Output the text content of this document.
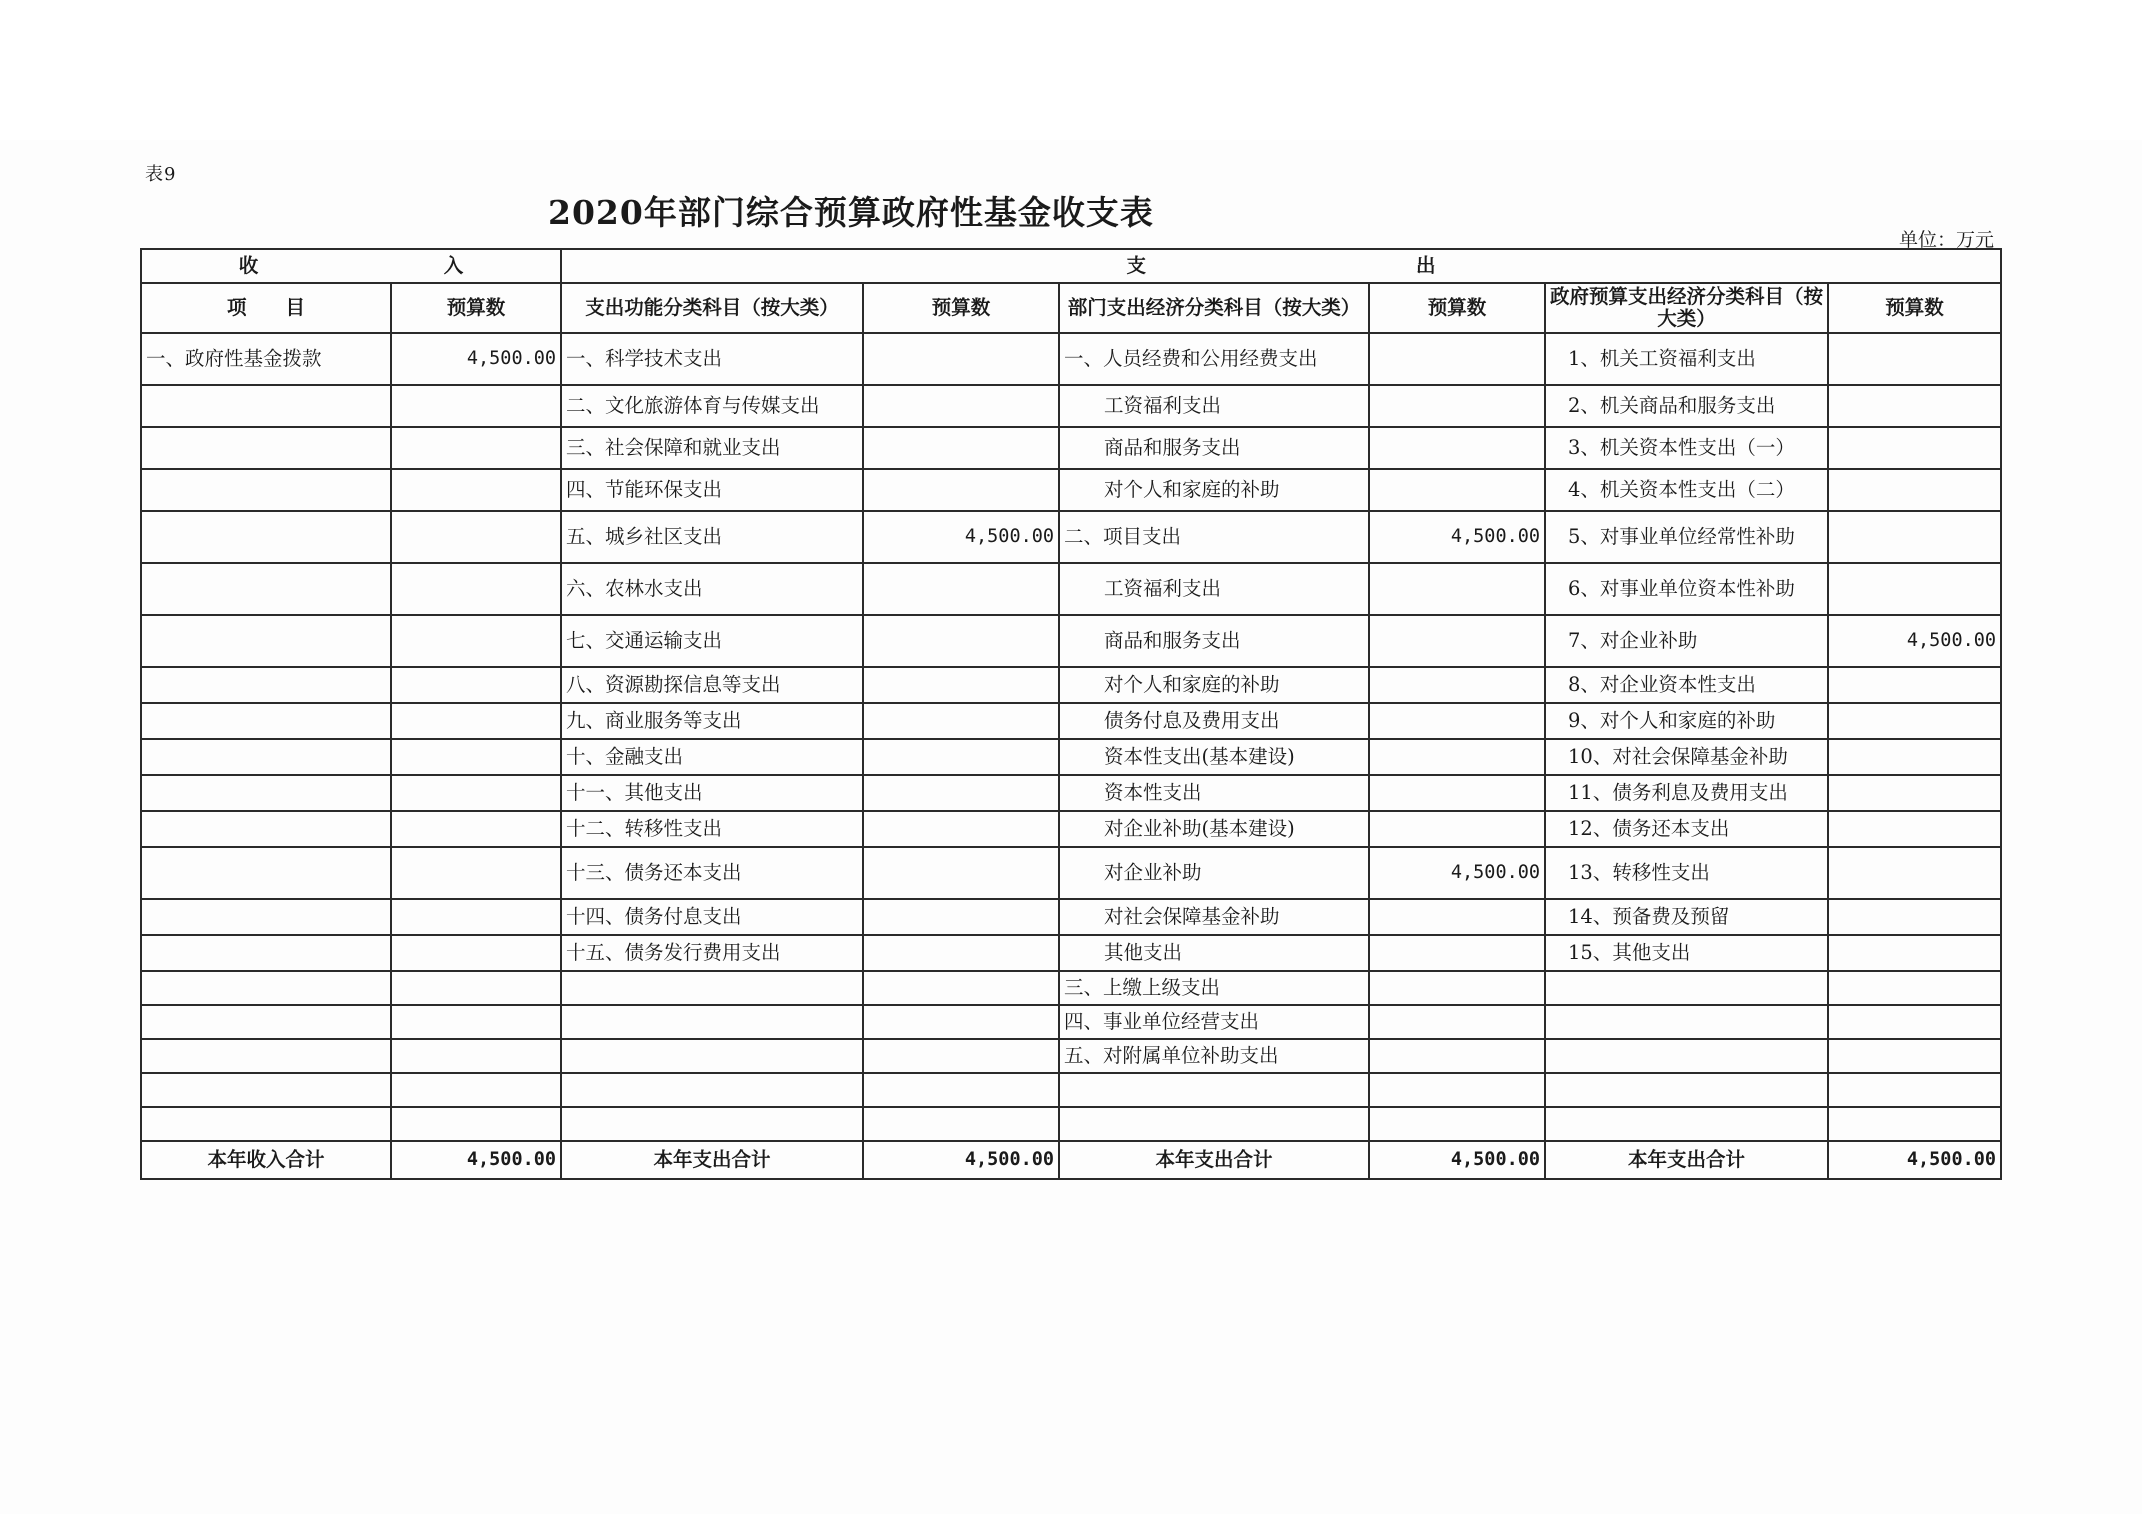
表9
2020年部门综合预算政府性基金收支表
单位：万元
收 入		支 出					

项　　目	预算数	支出功能分类科目（按大类）	预算数	部门支出经济分类科目（按大类）	预算数	政府预算支出经济分类科目（按大类）	预算数
一、政府性基金拨款	4,500.00	一、科学技术支出		一、人员经费和公用经费支出		1、机关工资福利支出	
		二、文化旅游体育与传媒支出		工资福利支出		2、机关商品和服务支出	
		三、社会保障和就业支出		商品和服务支出		3、机关资本性支出（一）	
		四、节能环保支出		对个人和家庭的补助		4、机关资本性支出（二）	
		五、城乡社区支出	4,500.00	二、项目支出	4,500.00	5、对事业单位经常性补助	
		六、农林水支出		工资福利支出		6、对事业单位资本性补助	
		七、交通运输支出		商品和服务支出		7、对企业补助	4,500.00
		八、资源勘探信息等支出		对个人和家庭的补助		8、对企业资本性支出	
		九、商业服务等支出		债务付息及费用支出		9、对个人和家庭的补助	
		十、金融支出		资本性支出(基本建设)		10、对社会保障基金补助	
		十一、其他支出		资本性支出		11、债务利息及费用支出	
		十二、转移性支出		对企业补助(基本建设)		12、债务还本支出	
		十三、债务还本支出		对企业补助	4,500.00	13、转移性支出	
		十四、债务付息支出		对社会保障基金补助		14、预备费及预留	
		十五、债务发行费用支出		其他支出		15、其他支出	
				三、上缴上级支出			
				四、事业单位经营支出			
				五、对附属单位补助支出			

本年收入合计	4,500.00	本年支出合计	4,500.00	本年支出合计	4,500.00	本年支出合计	4,500.00
